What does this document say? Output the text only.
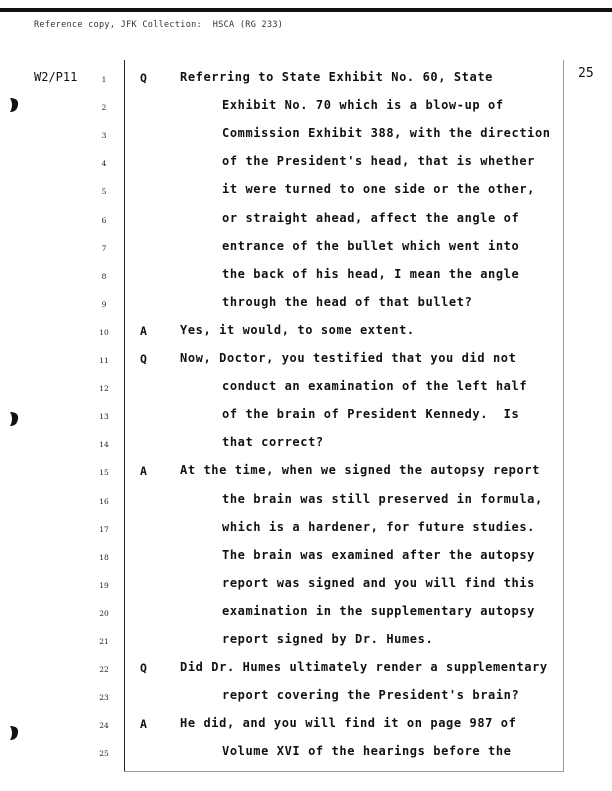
Reference copy, JFK Collection:  HSCA (RG 233)
W2/P11	25
1	Q	Referring to State Exhibit No. 60, State
2	Exhibit No. 70 which is a blow-up of
3	Commission Exhibit 388, with the direction
4	of the President's head, that is whether
5	it were turned to one side or the other,
6	or straight ahead, affect the angle of
7	entrance of the bullet which went into
8	the back of his head, I mean the angle
9	through the head of that bullet?
10	A	Yes, it would, to some extent.
11	Q	Now, Doctor, you testified that you did not
12	conduct an examination of the left half
13	of the brain of President Kennedy.  Is
14	that correct?
15	A	At the time, when we signed the autopsy report
16	the brain was still preserved in formula,
17	which is a hardener, for future studies.
18	The brain was examined after the autopsy
19	report was signed and you will find this
20	examination in the supplementary autopsy
21	report signed by Dr. Humes.
22	Q	Did Dr. Humes ultimately render a supplementary
23	report covering the President's brain?
24	A	He did, and you will find it on page 987 of
25	Volume XVI of the hearings before the
